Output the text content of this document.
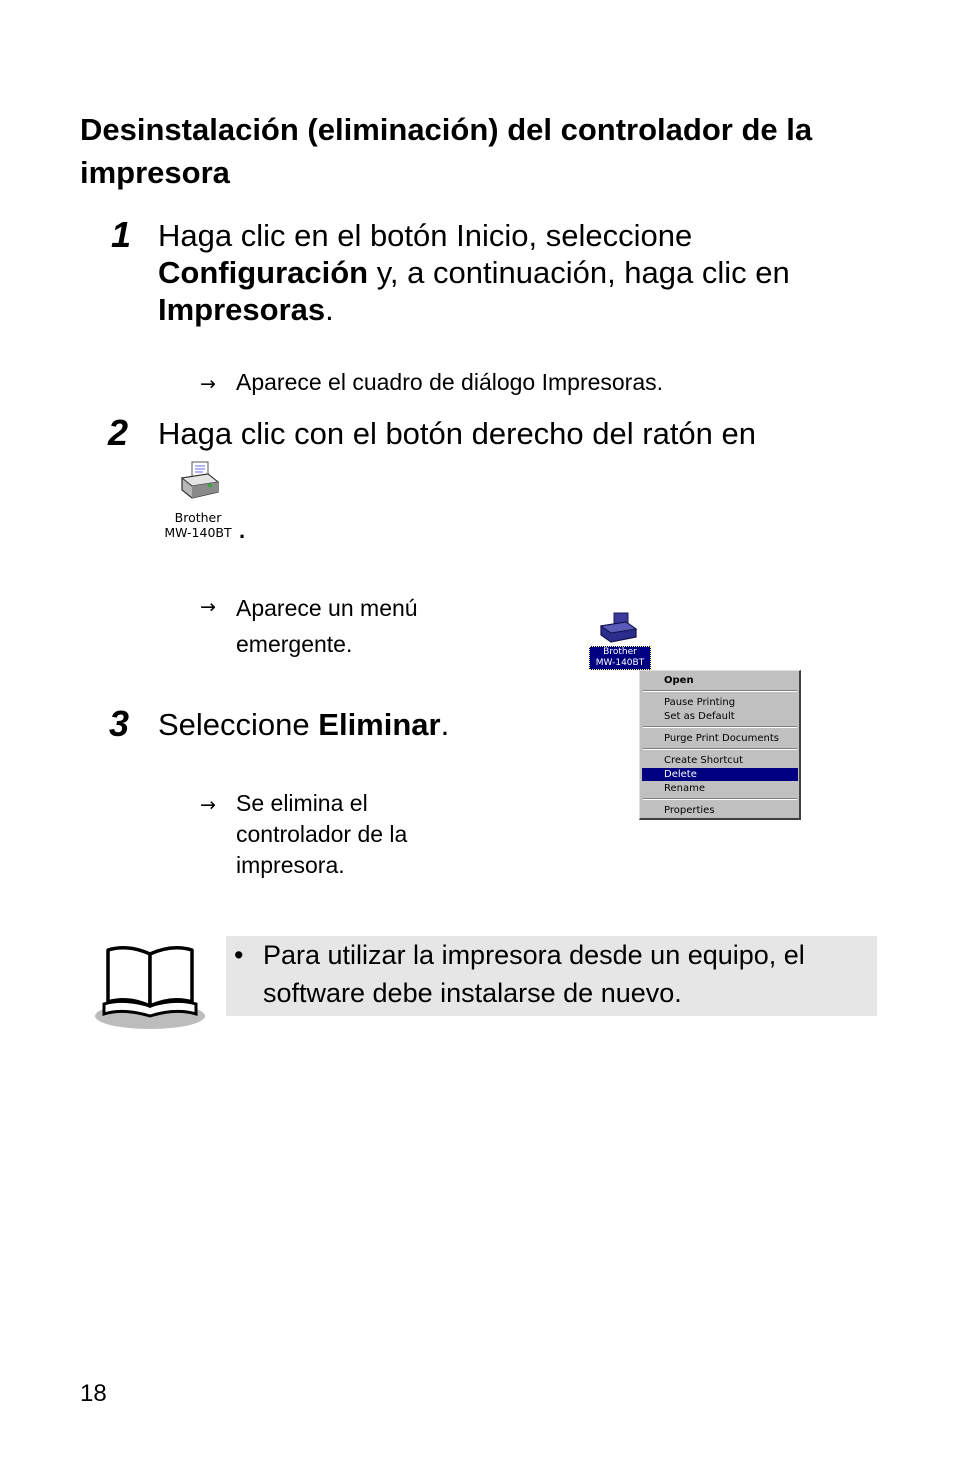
Desinstalación (eliminación) del controlador de la impresora
1 Haga clic en el botón Inicio, seleccione
Configuración y, a continuación, haga clic en
Impresoras.
→ Aparece el cuadro de diálogo Impresoras.
2 Haga clic con el botón derecho del ratón en
Brother
MW-140BT .
→ Aparece un menú
emergente.
3 Seleccione Eliminar.
→ Se elimina el
controlador de la
impresora.
Brother
MW-140BT
Open
Pause Printing
Set as Default
Purge Print Documents
Create Shortcut
Delete
Rename
Properties
• Para utilizar la impresora desde un equipo, el
software debe instalarse de nuevo.
18
